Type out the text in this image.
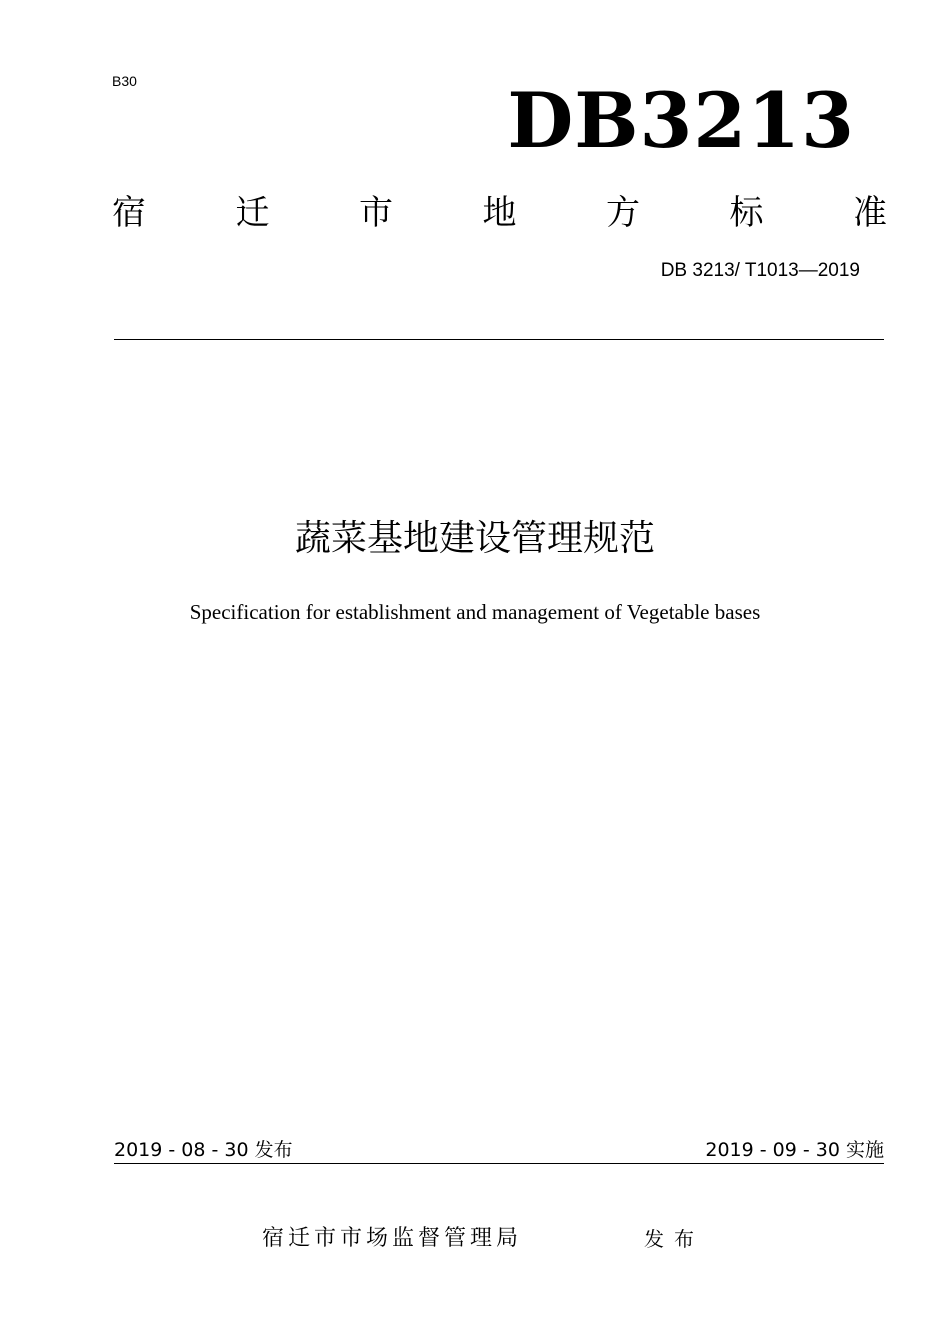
B30	DB3213
宿	迁	市	地	方	标	准
DB 3213/ T1013—2019
蔬菜基地建设管理规范
Specification for establishment and management of Vegetable bases
2019 - 08 - 30 发布	2019 - 09 - 30 实施
宿迁市市场监督管理局	发布
